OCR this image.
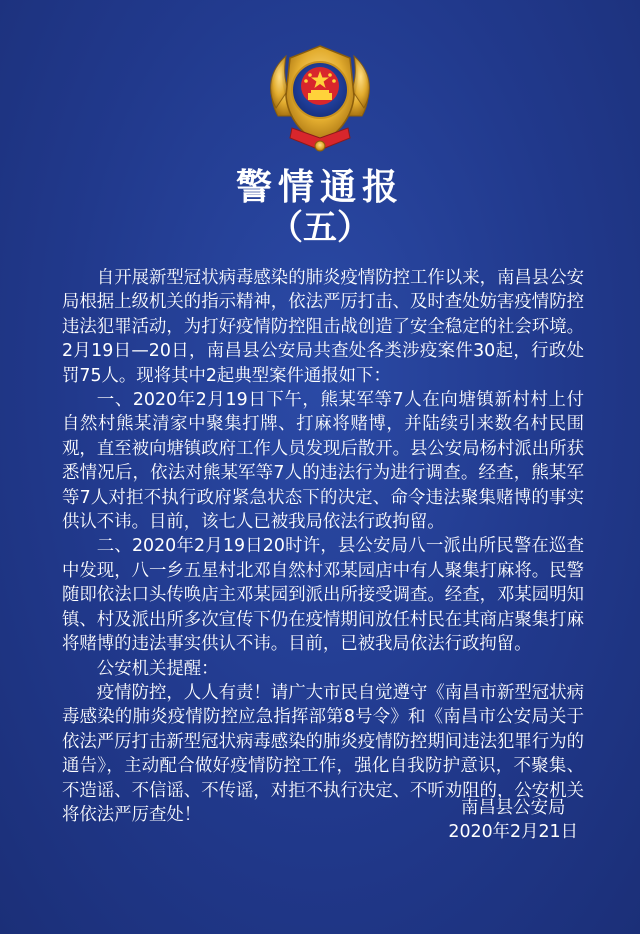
警情通报
（五）

自开展新型冠状病毒感染的肺炎疫情防控工作以来，南昌县公安局根据上级机关的指示精神，依法严厉打击、及时查处妨害疫情防控违法犯罪活动，为打好疫情防控阻击战创造了安全稳定的社会环境。2月19日—20日，南昌县公安局共查处各类涉疫案件30起，行政处罚75人。现将其中2起典型案件通报如下：

一、2020年2月19日下午，熊某军等7人在向塘镇新村村上付自然村熊某清家中聚集打牌、打麻将赌博，并陆续引来数名村民围观，直至被向塘镇政府工作人员发现后散开。县公安局杨村派出所获悉情况后，依法对熊某军等7人的违法行为进行调查。经查，熊某军等7人对拒不执行政府紧急状态下的决定、命令违法聚集赌博的事实供认不讳。目前，该七人已被我局依法行政拘留。

二、2020年2月19日20时许，县公安局八一派出所民警在巡查中发现，八一乡五星村北邓自然村邓某园店中有人聚集打麻将。民警随即依法口头传唤店主邓某园到派出所接受调查。经查，邓某园明知镇、村及派出所多次宣传下仍在疫情期间放任村民在其商店聚集打麻将赌博的违法事实供认不讳。目前，已被我局依法行政拘留。

公安机关提醒：

疫情防控，人人有责！请广大市民自觉遵守《南昌市新型冠状病毒感染的肺炎疫情防控应急指挥部第8号令》和《南昌市公安局关于依法严厉打击新型冠状病毒感染的肺炎疫情防控期间违法犯罪行为的通告》，主动配合做好疫情防控工作，强化自我防护意识，不聚集、不造谣、不信谣、不传谣，对拒不执行决定、不听劝阻的，公安机关将依法严厉查处！	南昌县公安局
2020年2月21日
